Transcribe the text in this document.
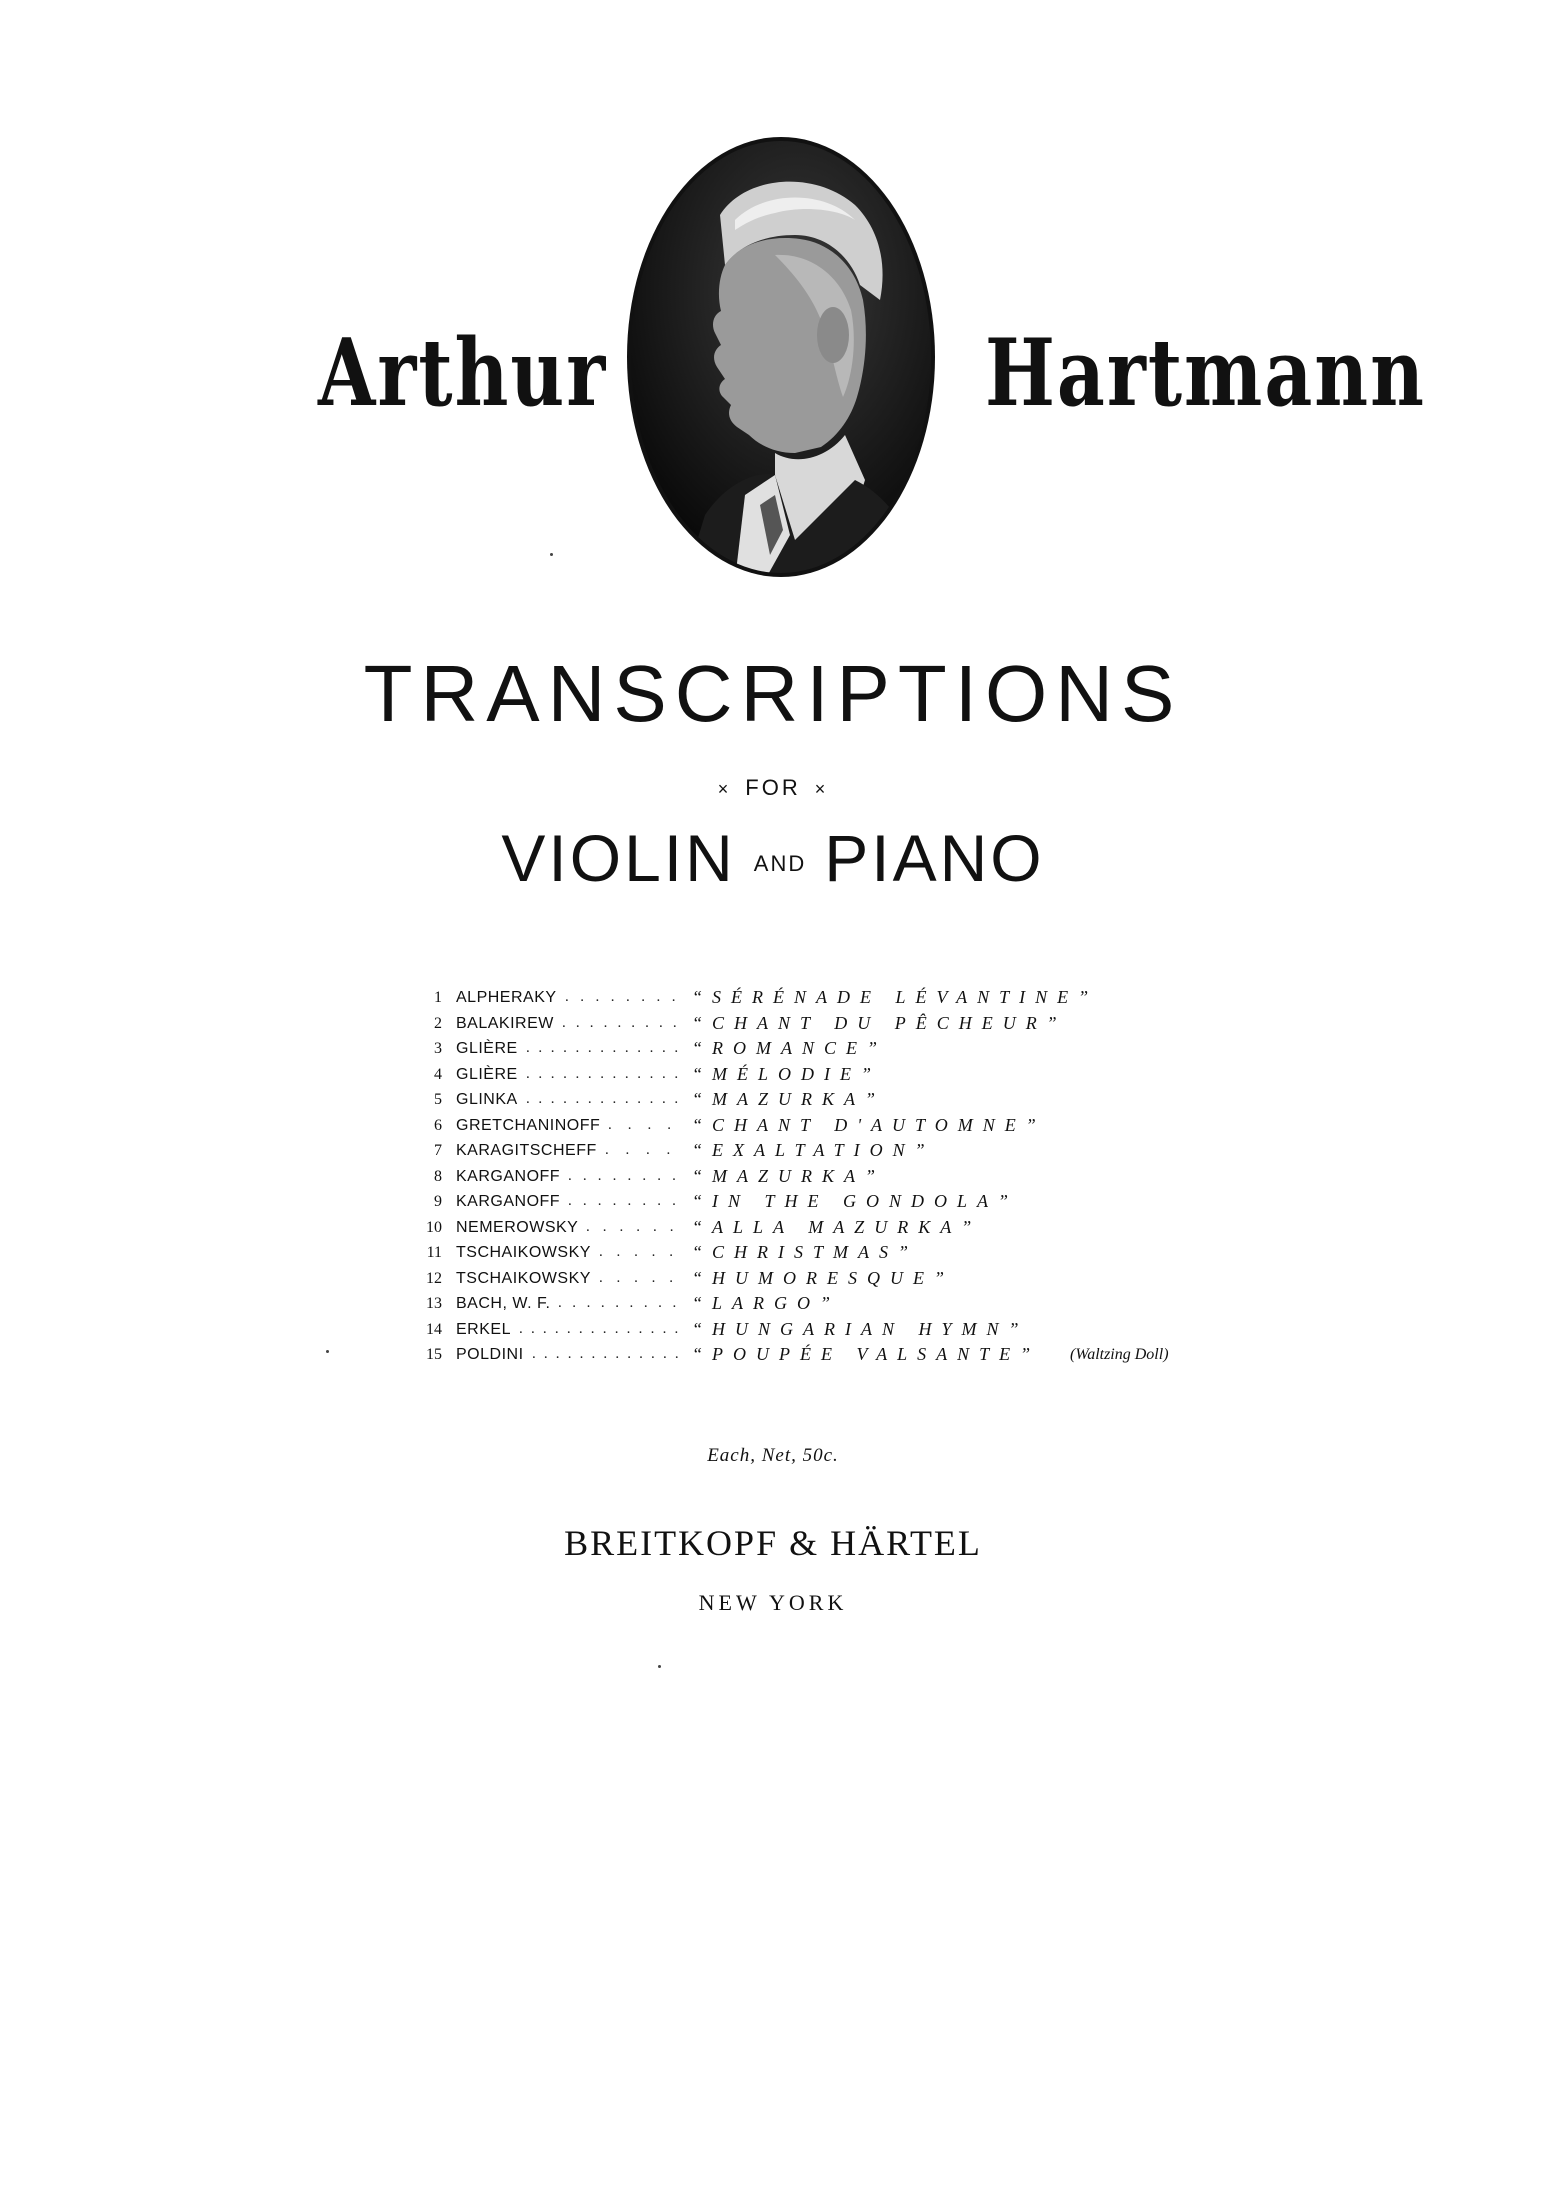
Arthur	Hartmann
TRANSCRIPTIONS
× FOR ×
VIOLIN AND PIANO
1 ALPHERAKY ........ “SÉRÉNADE LÉVANTINE”
2 BALAKIREW ......... “CHANT DU PÊCHEUR”
3 GLIÈRE ............. “ROMANCE”
4 GLIÈRE ............. “MÉLODIE”
5 GLINKA ............. “MAZURKA”
6 GRETCHANINOFF .... “CHANT D'AUTOMNE”
7 KARAGITSCHEFF .... “EXALTATION”
8 KARGANOFF ........ “MAZURKA”
9 KARGANOFF ........ “IN THE GONDOLA”
10 NEMEROWSKY ...... “ALLA MAZURKA”
11 TSCHAIKOWSKY ..... “CHRISTMAS”
12 TSCHAIKOWSKY ..... “HUMORESQUE”
13 BACH, W. F. ......... “LARGO”
14 ERKEL .............. “HUNGARIAN HYMN”
15 POLDINI ............. “POUPÉE VALSANTE” (Waltzing Doll)
Each, Net, 50c.
BREITKOPF & HÄRTEL
NEW YORK
